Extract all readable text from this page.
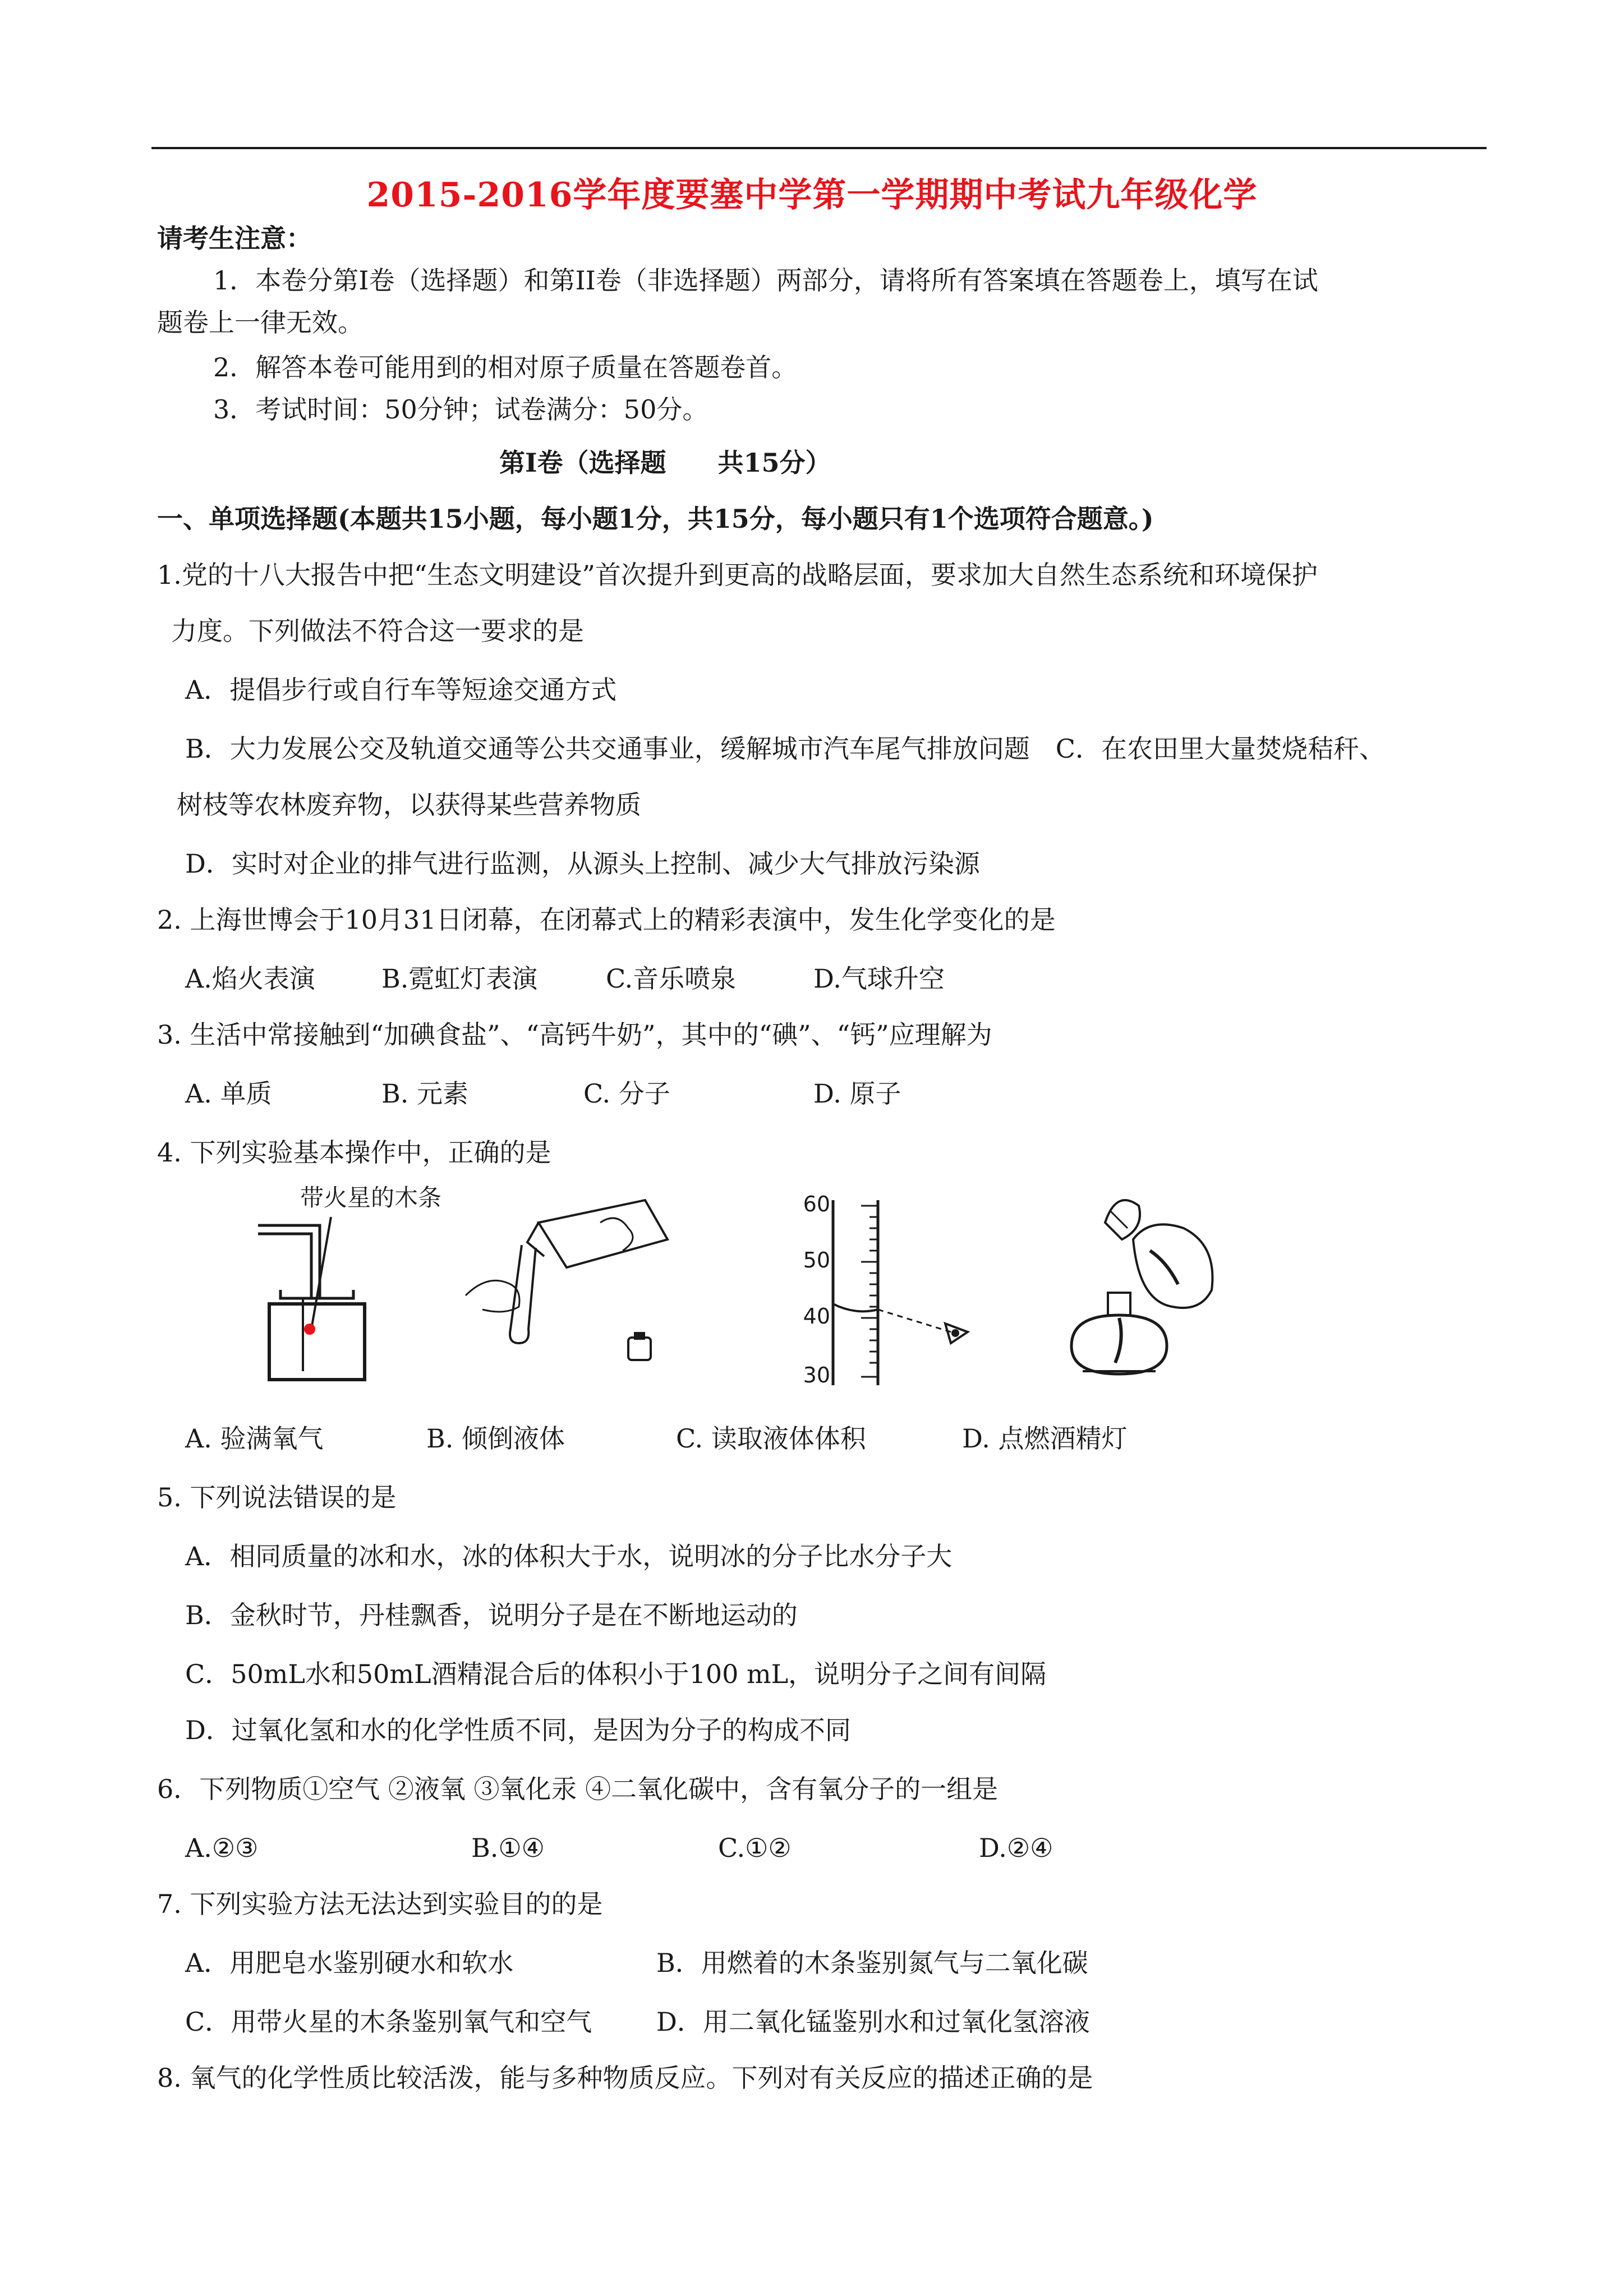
2015-2016学年度要塞中学第一学期期中考试九年级化学
请考生注意：
1．本卷分第Ⅰ卷（选择题）和第II卷（非选择题）两部分，请将所有答案填在答题卷上，填写在试
题卷上一律无效。
2．解答本卷可能用到的相对原子质量在答题卷首。
3．考试时间：50分钟；试卷满分：50分。
第Ⅰ卷（选择题　　共15分）
一、单项选择题(本题共15小题，每小题1分，共15分，每小题只有1个选项符合题意。)
1.党的十八大报告中把“生态文明建设”首次提升到更高的战略层面，要求加大自然生态系统和环境保护
力度。下列做法不符合这一要求的是
A．提倡步行或自行车等短途交通方式
B．大力发展公交及轨道交通等公共交通事业，缓解城市汽车尾气排放问题　C．在农田里大量焚烧秸秆、
树枝等农林废弃物，以获得某些营养物质
D．实时对企业的排气进行监测，从源头上控制、减少大气排放污染源
2. 上海世博会于10月31日闭幕，在闭幕式上的精彩表演中，发生化学变化的是
A.焰火表演	B.霓虹灯表演	C.音乐喷泉	D.气球升空
3. 生活中常接触到“加碘食盐”、“高钙牛奶”，其中的“碘”、“钙”应理解为
A. 单质	B. 元素	C. 分子	D. 原子
4. 下列实验基本操作中，正确的是
带火星的木条	60
50
40
30
A. 验满氧气	B. 倾倒液体	C. 读取液体体积	D. 点燃酒精灯
5. 下列说法错误的是
A．相同质量的冰和水，冰的体积大于水，说明冰的分子比水分子大
B．金秋时节，丹桂飘香，说明分子是在不断地运动的
C．50mL水和50mL酒精混合后的体积小于100 mL，说明分子之间有间隔
D．过氧化氢和水的化学性质不同，是因为分子的构成不同
6．下列物质①空气 ②液氧 ③氧化汞 ④二氧化碳中，含有氧分子的一组是
A.②③	B.①④	C.①②	D.②④
7. 下列实验方法无法达到实验目的的是
A．用肥皂水鉴别硬水和软水	B．用燃着的木条鉴别氮气与二氧化碳
C．用带火星的木条鉴别氧气和空气 D．用二氧化锰鉴别水和过氧化氢溶液
8. 氧气的化学性质比较活泼，能与多种物质反应。下列对有关反应的描述正确的是
